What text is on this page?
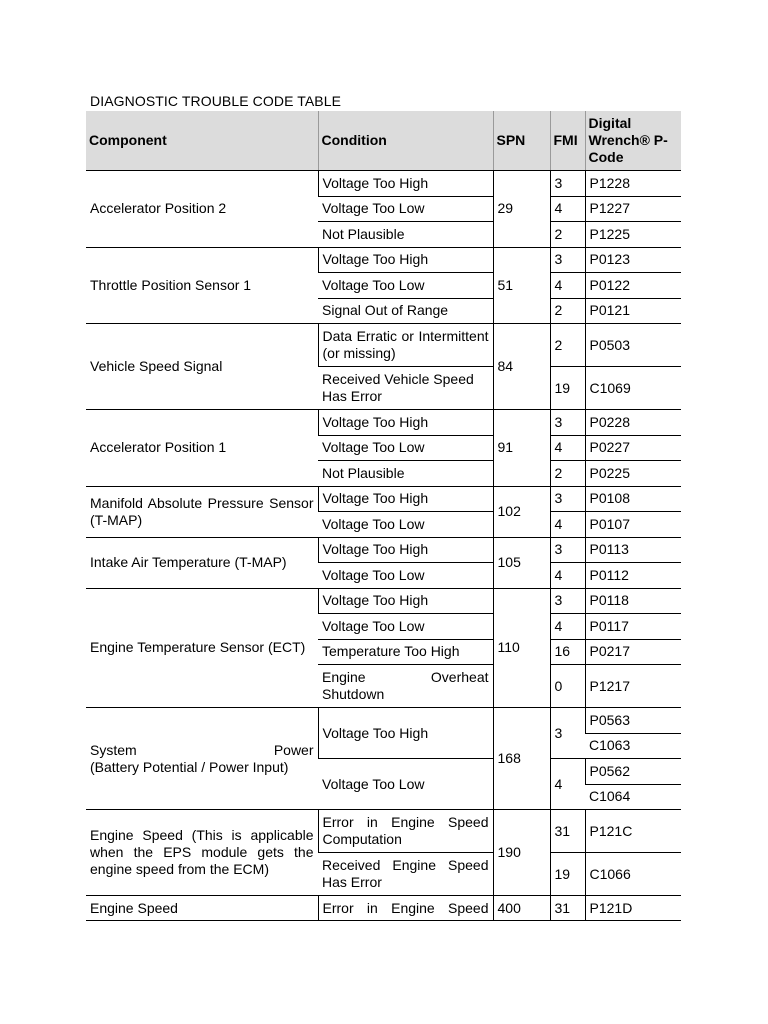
DIAGNOSTIC TROUBLE CODE TABLE
Component	Condition	SPN	FMI	Digital Wrench® P-Code
Accelerator Position 2	Voltage Too High	29	3	P1228
	Voltage Too Low		4	P1227
	Not Plausible		2	P1225
Throttle Position Sensor 1	Voltage Too High	51	3	P0123
	Voltage Too Low		4	P0122
	Signal Out of Range		2	P0121
Vehicle Speed Signal	Data Erratic or Intermittent (or missing)	84	2	P0503
	Received Vehicle Speed Has Error		19	C1069
Accelerator Position 1	Voltage Too High	91	3	P0228
	Voltage Too Low		4	P0227
	Not Plausible		2	P0225
Manifold Absolute Pressure Sensor (T-MAP)	Voltage Too High	102	3	P0108
	Voltage Too Low		4	P0107
Intake Air Temperature (T-MAP)	Voltage Too High	105	3	P0113
	Voltage Too Low		4	P0112
Engine Temperature Sensor (ECT)	Voltage Too High	110	3	P0118
	Voltage Too Low		4	P0117
	Temperature Too High		16	P0217
	Engine Overheat Shutdown		0	P1217

System Power
(Battery Potential / Power Input)	Voltage Too High	168	3	P0563
				C1063
	Voltage Too Low		4	P0562
				C1064
Engine Speed (This is applicable when the EPS module gets the engine speed from the ECM)	Error in Engine Speed Computation	190	31	P121C
	Received Engine Speed Has Error		19	C1066
Engine Speed	Error in Engine Speed	400	31	P121D
